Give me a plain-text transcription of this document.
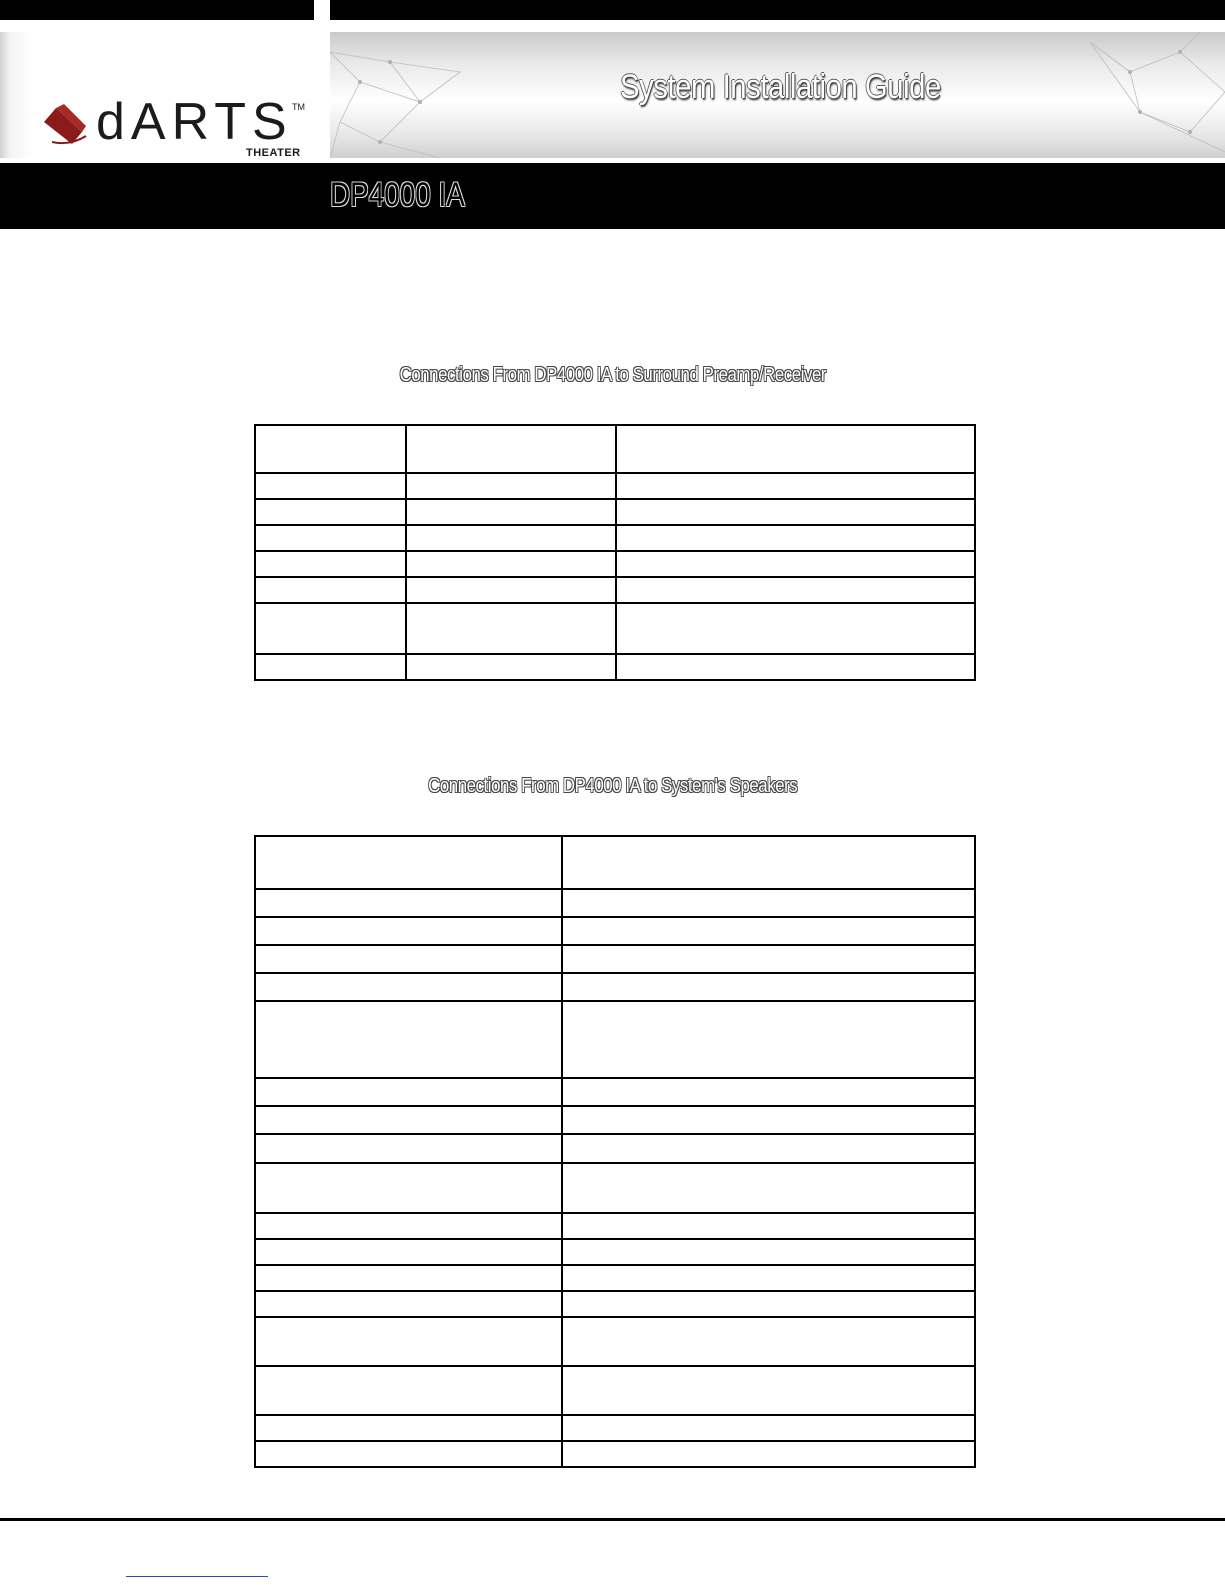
dARTS TM
THEATER
System Installation Guide
DP4000 IA
Connections From DP4000 IA to Surround Preamp/Receiver

Connections From DP4000 IA to System's Speakers
